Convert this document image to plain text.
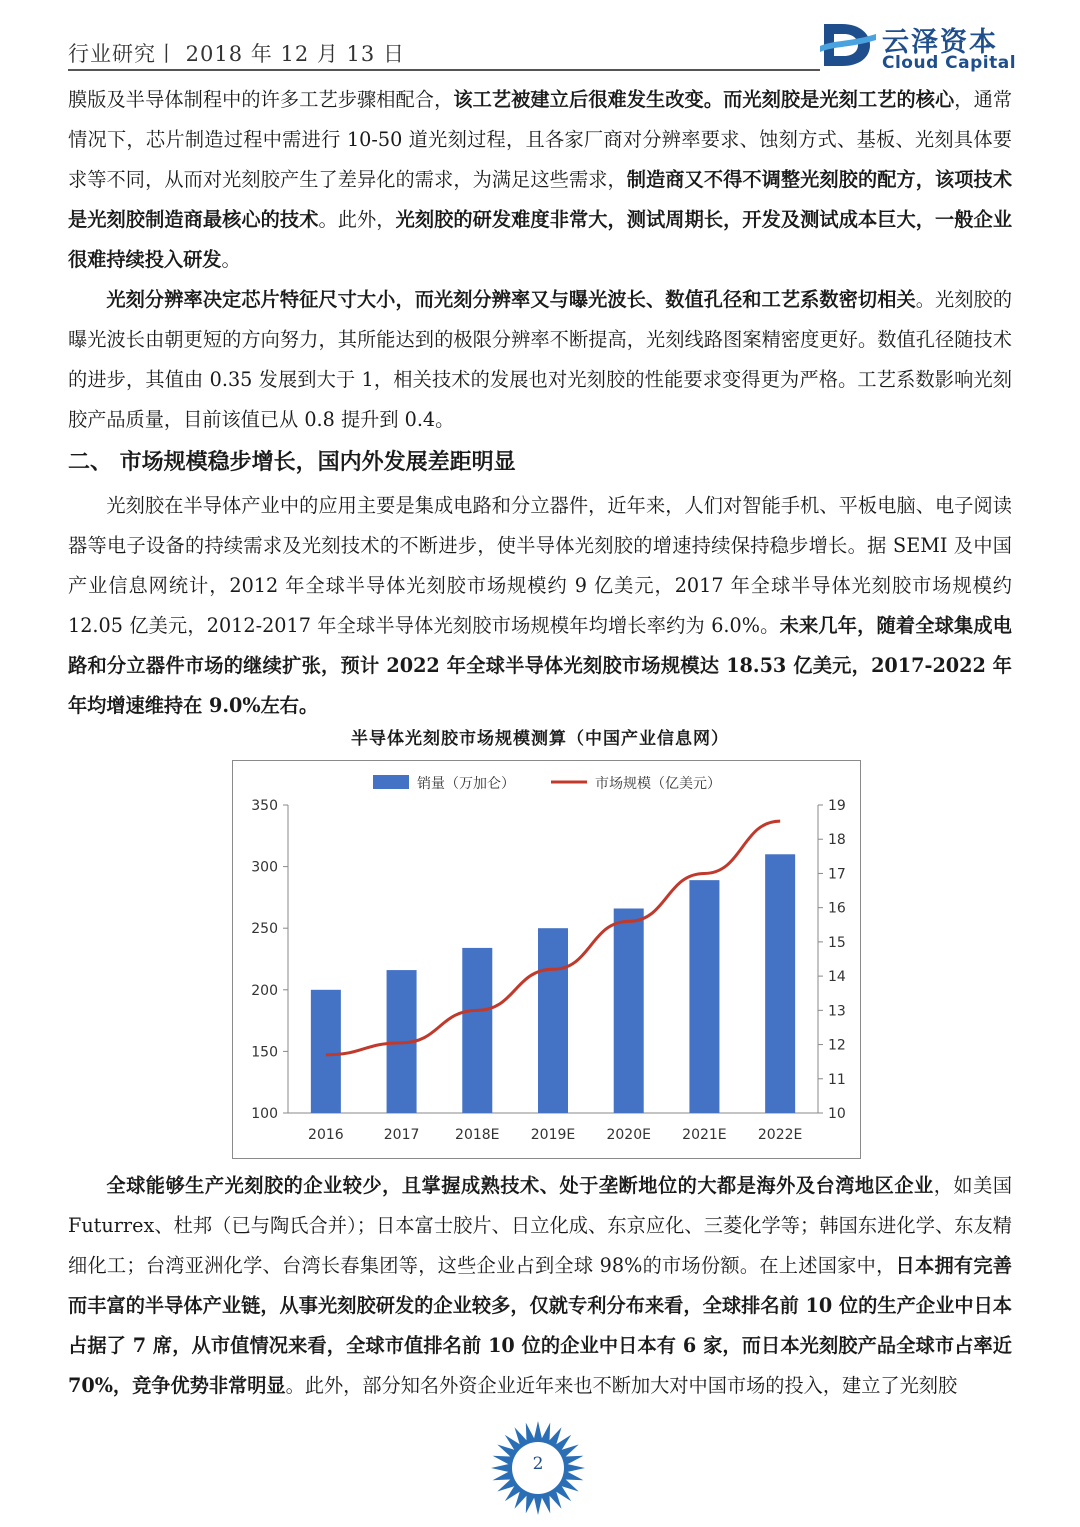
行业研究丨 2018 年 12 月 13 日	云泽资本
Cloud Capital

膜版及半导体制程中的许多工艺步骤相配合，该工艺被建立后很难发生改变。而光刻胶是光刻工艺的核心，通常情况下，芯片制造过程中需进行 10-50 道光刻过程，且各家厂商对分辨率要求、蚀刻方式、基板、光刻具体要求等不同，从而对光刻胶产生了差异化的需求，为满足这些需求，制造商又不得不调整光刻胶的配方，该项技术是光刻胶制造商最核心的技术。此外，光刻胶的研发难度非常大，测试周期长，开发及测试成本巨大，一般企业很难持续投入研发。

光刻分辨率决定芯片特征尺寸大小，而光刻分辨率又与曝光波长、数值孔径和工艺系数密切相关。光刻胶的曝光波长由朝更短的方向努力，其所能达到的极限分辨率不断提高，光刻线路图案精密度更好。数值孔径随技术的进步，其值由 0.35 发展到大于 1，相关技术的发展也对光刻胶的性能要求变得更为严格。工艺系数影响光刻胶产品质量，目前该值已从 0.8 提升到 0.4。

二、 市场规模稳步增长，国内外发展差距明显

光刻胶在半导体产业中的应用主要是集成电路和分立器件，近年来，人们对智能手机、平板电脑、电子阅读器等电子设备的持续需求及光刻技术的不断进步，使半导体光刻胶的增速持续保持稳步增长。据 SEMI 及中国产业信息网统计，2012 年全球半导体光刻胶市场规模约 9 亿美元，2017 年全球半导体光刻胶市场规模约 12.05 亿美元，2012-2017 年全球半导体光刻胶市场规模年均增长率约为 6.0%。未来几年，随着全球集成电路和分立器件市场的继续扩张，预计 2022 年全球半导体光刻胶市场规模达 18.53 亿美元，2017-2022 年年均增速维持在 9.0%左右。

半导体光刻胶市场规模测算（中国产业信息网）
100
150
200
250
300
350
10
11
12
13
14
15
16
17
18
19
2016	2017	2018E 2019E 2020E 2021E 2022E
销量（万加仑）	市场规模（亿美元）

全球能够生产光刻胶的企业较少，且掌握成熟技术、处于垄断地位的大都是海外及台湾地区企业，如美国 Futurrex、杜邦（已与陶氏合并）；日本富士胶片、日立化成、东京应化、三菱化学等；韩国东进化学、东友精细化工；台湾亚洲化学、台湾长春集团等，这些企业占到全球 98%的市场份额。在上述国家中，日本拥有完善而丰富的半导体产业链，从事光刻胶研发的企业较多，仅就专利分布来看，全球排名前 10 位的生产企业中日本占据了 7 席，从市值情况来看，全球市值排名前 10 位的企业中日本有 6 家，而日本光刻胶产品全球市占率近 70%，竞争优势非常明显。此外，部分知名外资企业近年来也不断加大对中国市场的投入，建立了光刻胶

2
